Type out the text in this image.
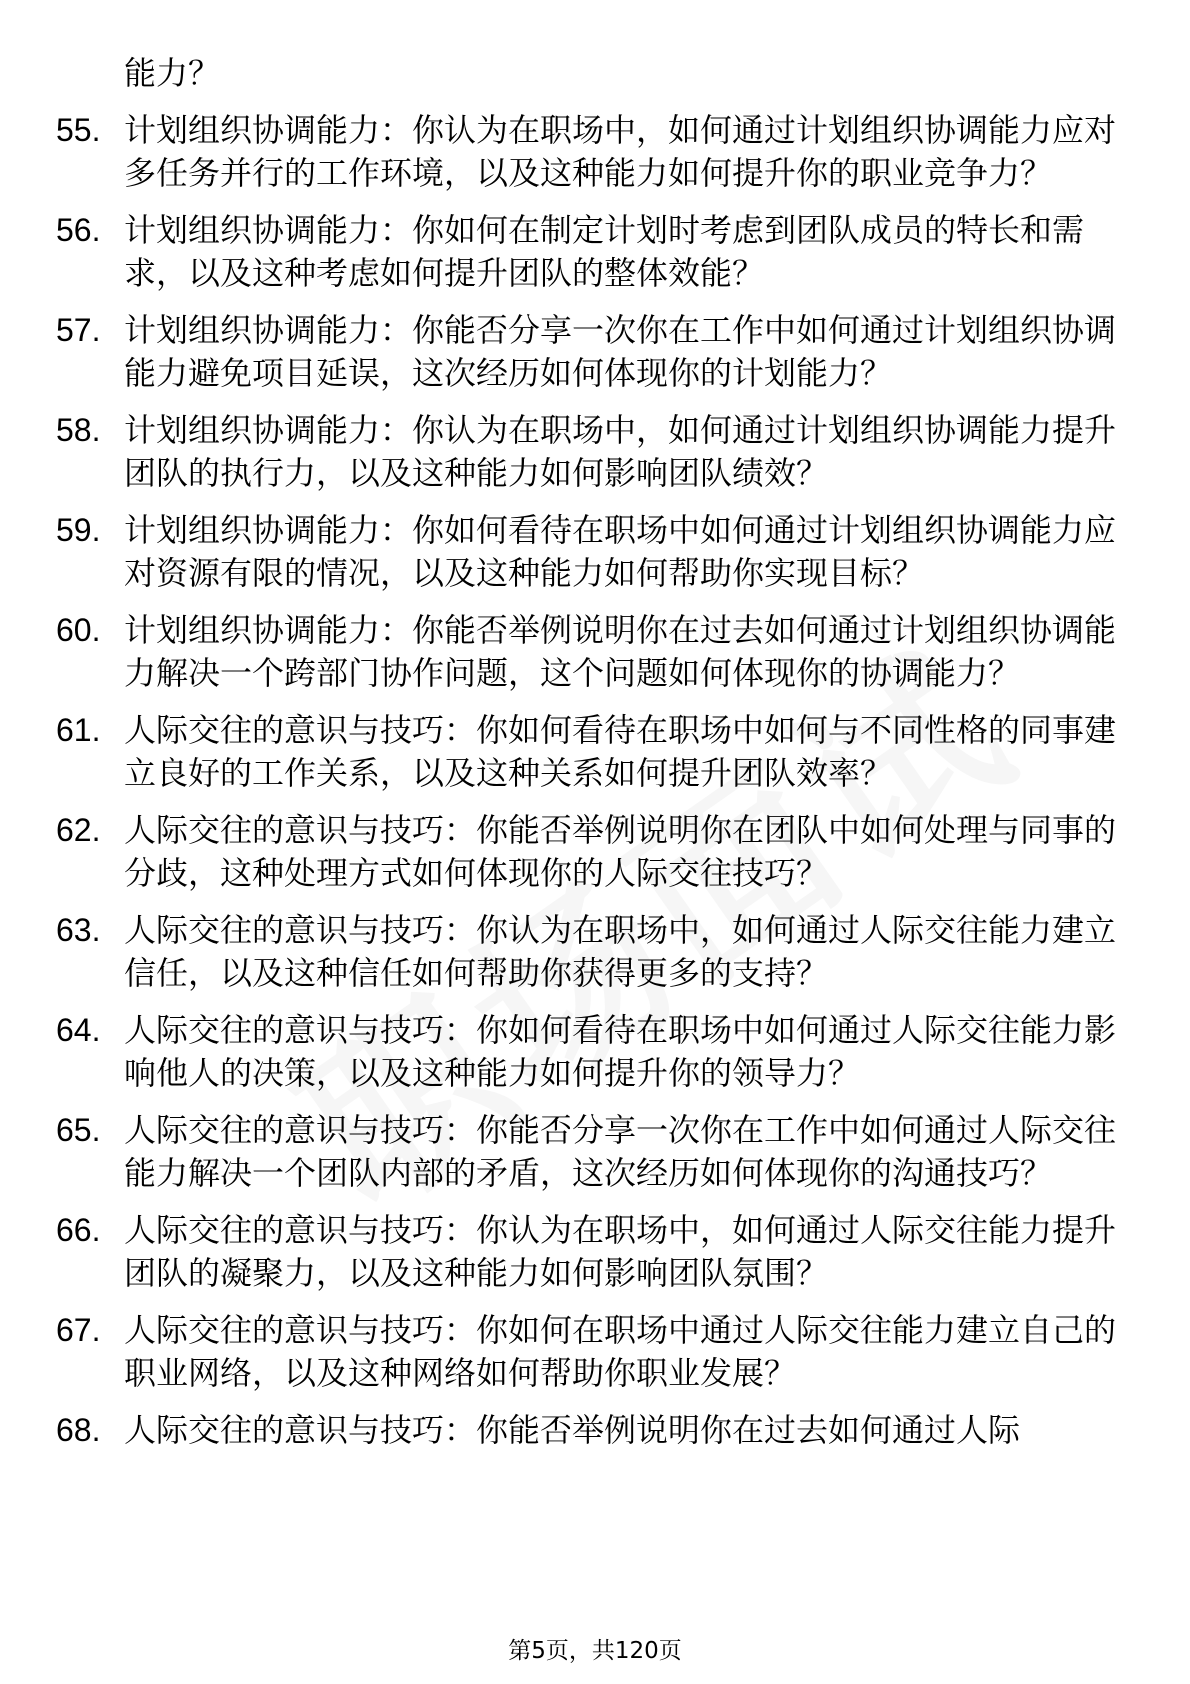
能力？
55. 计划组织协调能力：你认为在职场中，如何通过计划组织协调能力应对多任务并行的工作环境，以及这种能力如何提升你的职业竞争力？
56. 计划组织协调能力：你如何在制定计划时考虑到团队成员的特长和需求，以及这种考虑如何提升团队的整体效能？
57. 计划组织协调能力：你能否分享一次你在工作中如何通过计划组织协调能力避免项目延误，这次经历如何体现你的计划能力？
58. 计划组织协调能力：你认为在职场中，如何通过计划组织协调能力提升团队的执行力，以及这种能力如何影响团队绩效？
59. 计划组织协调能力：你如何看待在职场中如何通过计划组织协调能力应对资源有限的情况，以及这种能力如何帮助你实现目标？
60. 计划组织协调能力：你能否举例说明你在过去如何通过计划组织协调能力解决一个跨部门协作问题，这个问题如何体现你的协调能力？
61. 人际交往的意识与技巧：你如何看待在职场中如何与不同性格的同事建立良好的工作关系，以及这种关系如何提升团队效率？
62. 人际交往的意识与技巧：你能否举例说明你在团队中如何处理与同事的分歧，这种处理方式如何体现你的人际交往技巧？
63. 人际交往的意识与技巧：你认为在职场中，如何通过人际交往能力建立信任，以及这种信任如何帮助你获得更多的支持？
64. 人际交往的意识与技巧：你如何看待在职场中如何通过人际交往能力影响他人的决策，以及这种能力如何提升你的领导力？
65. 人际交往的意识与技巧：你能否分享一次你在工作中如何通过人际交往能力解决一个团队内部的矛盾，这次经历如何体现你的沟通技巧？
66. 人际交往的意识与技巧：你认为在职场中，如何通过人际交往能力提升团队的凝聚力，以及这种能力如何影响团队氛围？
67. 人际交往的意识与技巧：你如何在职场中通过人际交往能力建立自己的职业网络，以及这种网络如何帮助你职业发展？
68. 人际交往的意识与技巧：你能否举例说明你在过去如何通过人际
第5页，共120页
